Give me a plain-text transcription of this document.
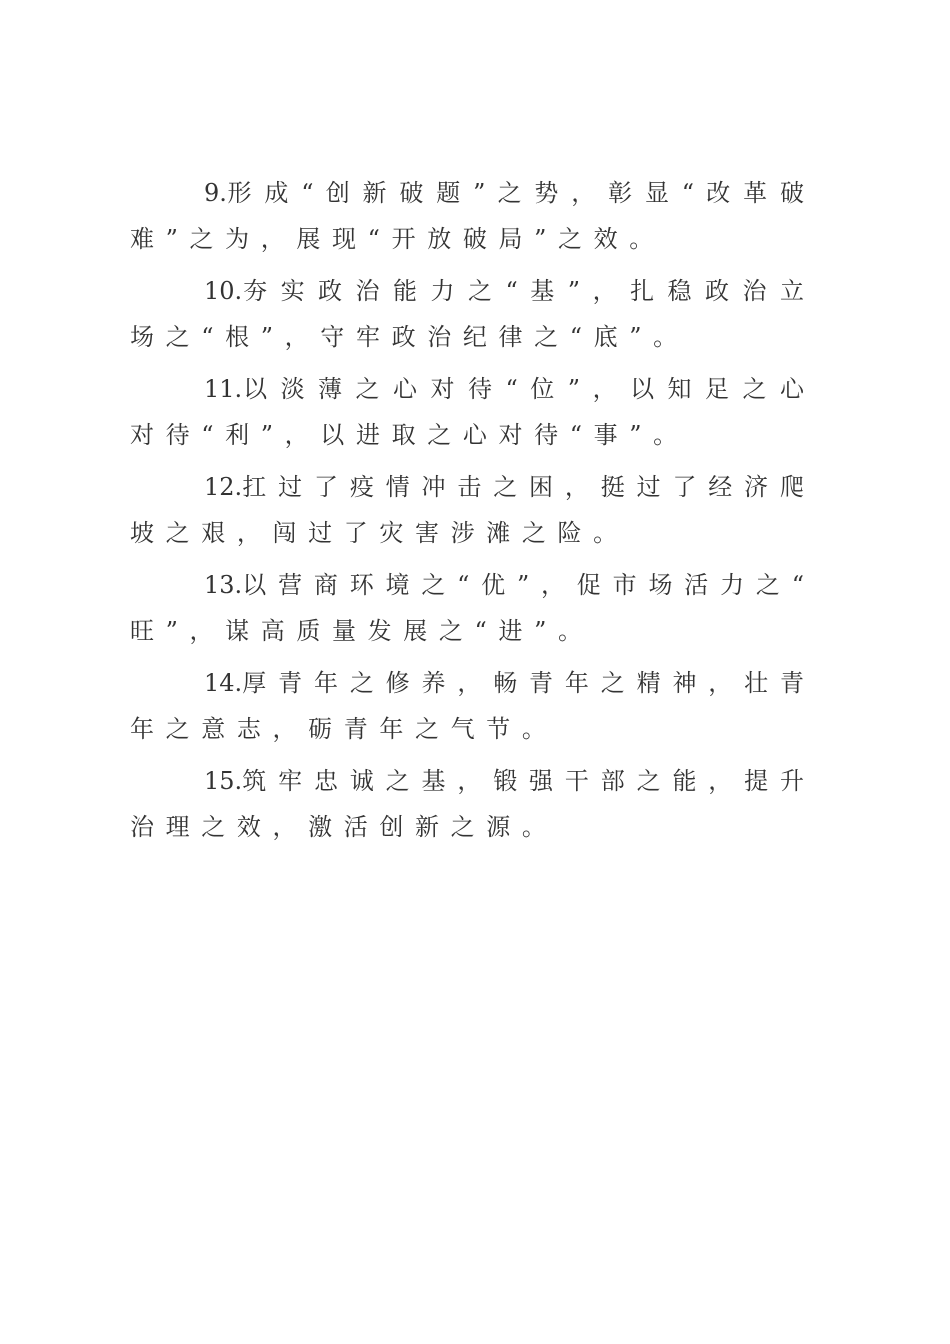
9.形 成 “ 创 新 破 题 ” 之 势 ， 彰 显 “ 改 革 破 难 ” 之 为 ， 展 现 “ 开 放 破 局 ” 之 效 。

10.夯 实 政 治 能 力 之 “ 基 ” ， 扎 稳 政 治 立 场 之 “ 根 ” ， 守 牢 政 治 纪 律 之 “ 底 ” 。

11.以 淡 薄 之 心 对 待 “ 位 ” ， 以 知 足 之 心 对 待 “ 利 ” ， 以 进 取 之 心 对 待 “ 事 ” 。

12.扛 过 了 疫 情 冲 击 之 困 ， 挺 过 了 经 济 爬 坡 之 艰 ， 闯 过 了 灾 害 涉 滩 之 险 。

13.以 营 商 环 境 之 “ 优 ” ， 促 市 场 活 力 之 “ 旺 ” ， 谋 高 质 量 发 展 之 “ 进 ” 。

14.厚 青 年 之 修 养 ， 畅 青 年 之 精 神 ， 壮 青 年 之 意 志 ， 砺 青 年 之 气 节 。

15.筑 牢 忠 诚 之 基 ， 锻 强 干 部 之 能 ， 提 升 治 理 之 效 ， 激 活 创 新 之 源 。
